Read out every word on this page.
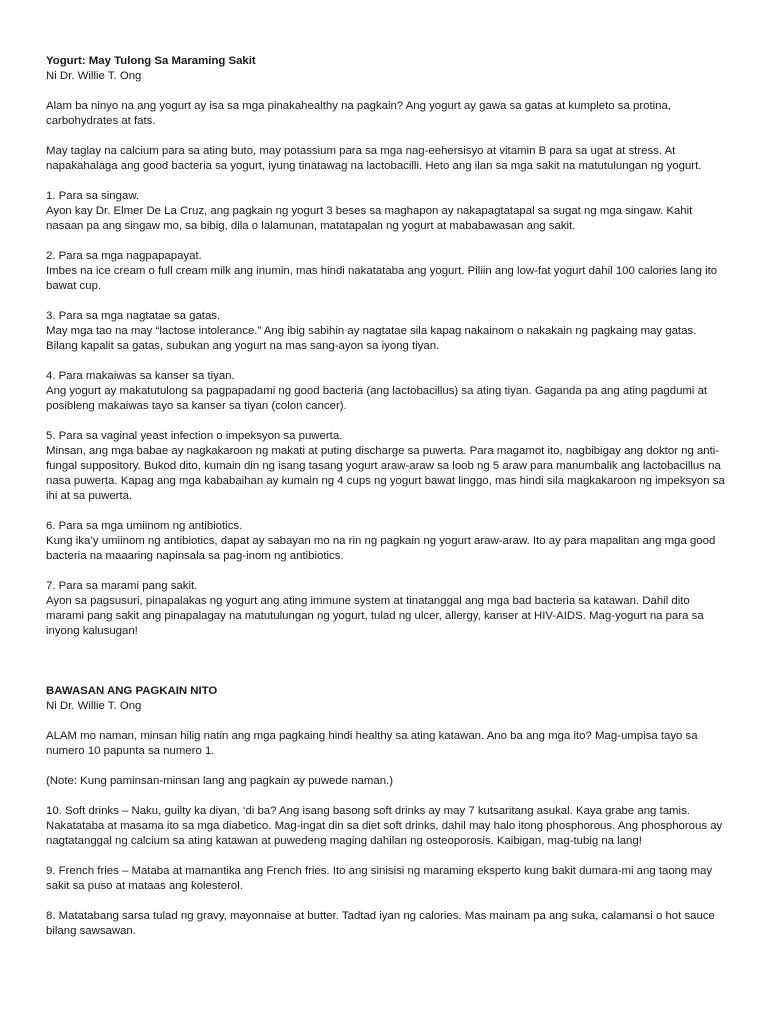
Yogurt: May Tulong Sa Maraming Sakit

Ni Dr. Willie T. Ong

Alam ba ninyo na ang yogurt ay isa sa mga pinakahealthy na pagkain? Ang yogurt ay gawa sa gatas at kumpleto sa protina, carbohydrates at fats.

May taglay na calcium para sa ating buto, may potassium para sa mga nag-eehersisyo at vitamin B para sa ugat at stress. At napakahalaga ang good bacteria sa yogurt, iyung tinatawag na lactobacilli. Heto ang ilan sa mga sakit na matutulungan ng yogurt.

1. Para sa singaw.

Ayon kay Dr. Elmer De La Cruz, ang pagkain ng yogurt 3 beses sa maghapon ay nakapagtatapal sa sugat ng mga singaw. Kahit nasaan pa ang singaw mo, sa bibig, dila o lalamunan, matatapalan ng yogurt at mababawasan ang sakit.

2. Para sa mga nagpapapayat.

Imbes na ice cream o full cream milk ang inumin, mas hindi nakatataba ang yogurt. Piliin ang low-fat yogurt dahil 100 calories lang ito bawat cup.

3. Para sa mga nagtatae sa gatas.

May mga tao na may “lactose intolerance.” Ang ibig sabihin ay nagtatae sila kapag nakainom o nakakain ng pagkaing may gatas. Bilang kapalit sa gatas, subukan ang yogurt na mas sang-ayon sa iyong tiyan.

4. Para makaiwas sa kanser sa tiyan.

Ang yogurt ay makatutulong sa pagpapadami ng good bacteria (ang lactobacillus) sa ating tiyan. Gaganda pa ang ating pagdumi at posibleng makaiwas tayo sa kanser sa tiyan (colon cancer).

5. Para sa vaginal yeast infection o impeksyon sa puwerta.

Minsan, ang mga babae ay nagkakaroon ng makati at puting discharge sa puwerta. Para magamot ito, nagbibigay ang doktor ng anti-fungal suppository. Bukod dito, kumain din ng isang tasang yogurt araw-araw sa loob ng 5 araw para manumbalik ang lactobacillus na nasa puwerta. Kapag ang mga kababaihan ay kumain ng 4 cups ng yogurt bawat linggo, mas hindi sila magkakaroon ng impeksyon sa ihi at sa puwerta.

6. Para sa mga umiinom ng antibiotics.

Kung ika’y umiinom ng antibiotics, dapat ay sabayan mo na rin ng pagkain ng yogurt araw-araw. Ito ay para mapalitan ang mga good bacteria na maaaring napinsala sa pag-inom ng antibiotics.

7. Para sa marami pang sakit.

Ayon sa pagsusuri, pinapalakas ng yogurt ang ating immune system at tinatanggal ang mga bad bacteria sa katawan. Dahil dito marami pang sakit ang pinapalagay na matutulungan ng yogurt, tulad ng ulcer, allergy, kanser at HIV-AIDS. Mag-yogurt na para sa inyong kalusugan!

BAWASAN ANG PAGKAIN NITO

Ni Dr. Willie T. Ong

ALAM mo naman, minsan hilig natin ang mga pagkaing hindi healthy sa ating katawan. Ano ba ang mga ito? Mag-umpisa tayo sa numero 10 papunta sa numero 1.

(Note: Kung paminsan-minsan lang ang pagkain ay puwede naman.)

10. Soft drinks – Naku, guilty ka diyan, ‘di ba? Ang isang basong soft drinks ay may 7 kutsaritang asukal. Kaya grabe ang tamis. Nakatataba at masama ito sa mga diabetico. Mag-ingat din sa diet soft drinks, dahil may halo itong phosphorous. Ang phosphorous ay nagtatanggal ng calcium sa ating katawan at puwedeng maging dahilan ng osteoporosis. Kaibigan, mag-tubig na lang!

9. French fries – Mataba at mamantika ang French fries. Ito ang sinisisi ng maraming eksperto kung bakit dumara-mi ang taong may sakit sa puso at mataas ang kolesterol.

8. Matatabang sarsa tulad ng gravy, mayonnaise at butter. Tadtad iyan ng calories. Mas mainam pa ang suka, calamansi o hot sauce bilang sawsawan.
